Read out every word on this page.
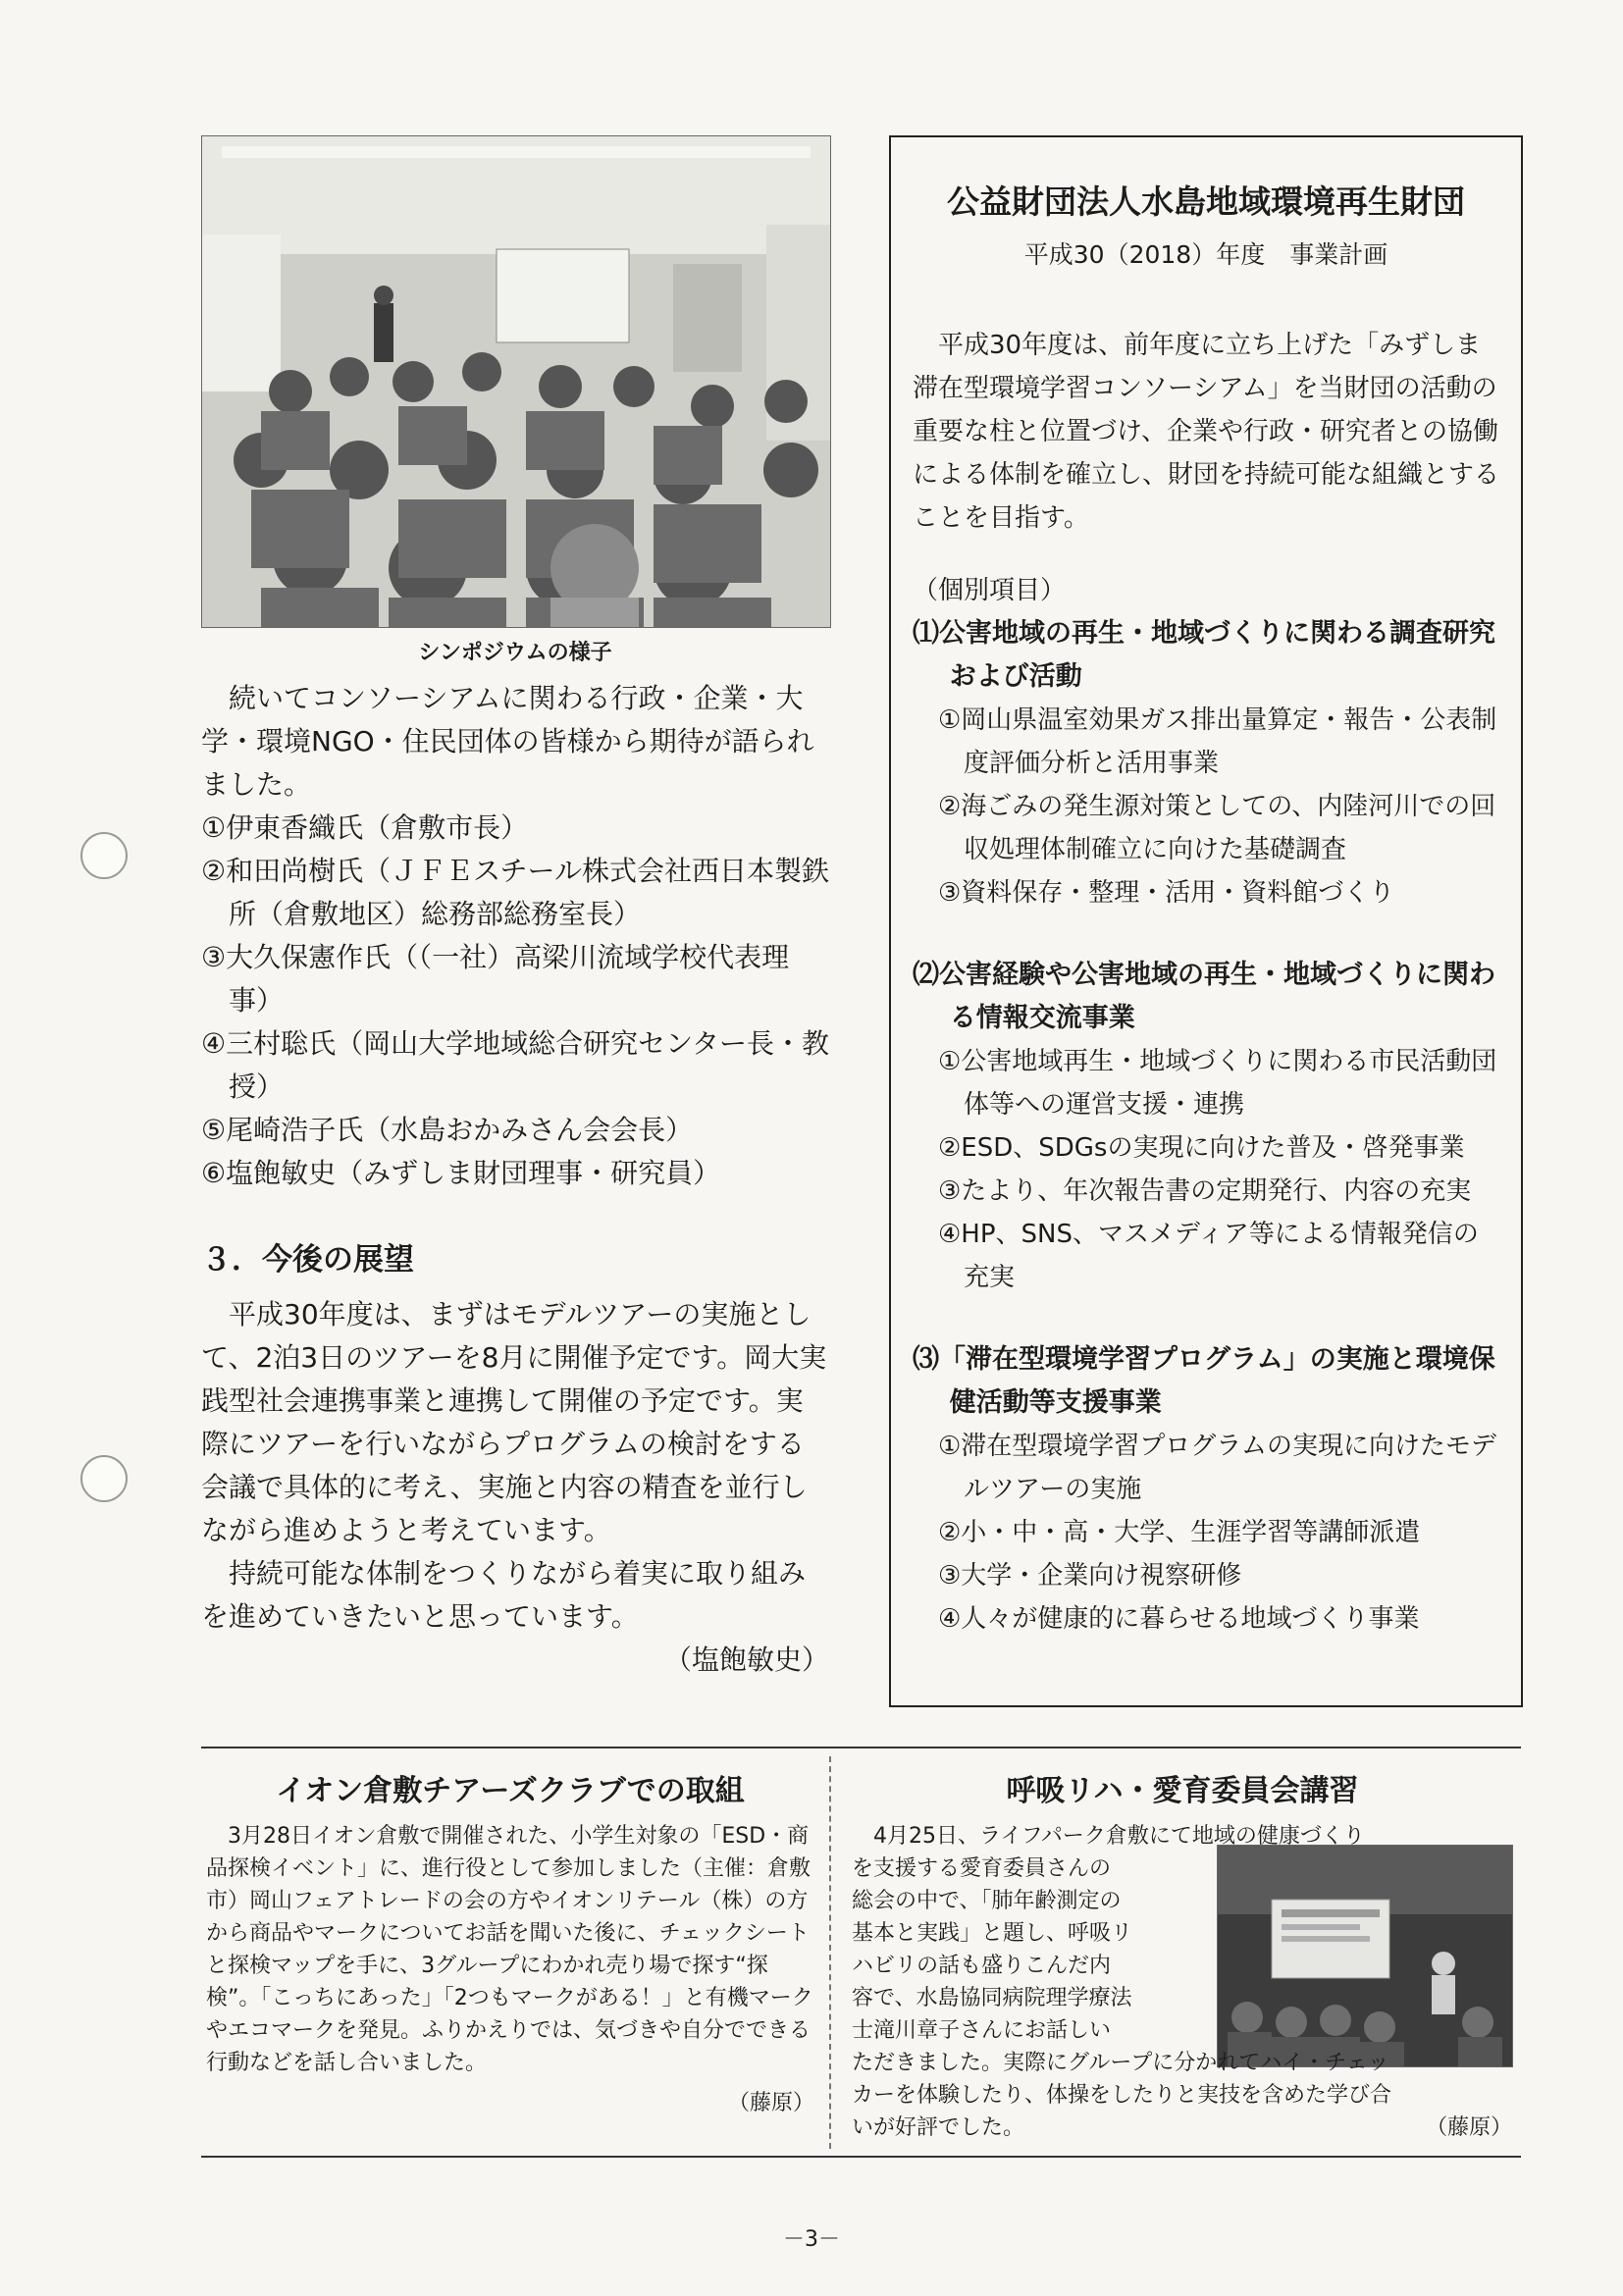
シンポジウムの様子

続いてコンソーシアムに関わる行政・企業・大学・環境NGO・住民団体の皆様から期待が語られました。

①伊東香織氏（倉敷市長）

②和田尚樹氏（ＪＦＥスチール株式会社西日本製鉄所（倉敷地区）総務部総務室長）

③大久保憲作氏（（一社）高梁川流域学校代表理事）

④三村聡氏（岡山大学地域総合研究センター長・教授）

⑤尾崎浩子氏（水島おかみさん会会長）

⑥塩飽敏史（みずしま財団理事・研究員）

３．今後の展望

平成30年度は、まずはモデルツアーの実施として、2泊3日のツアーを8月に開催予定です。岡大実践型社会連携事業と連携して開催の予定です。実際にツアーを行いながらプログラムの検討をする会議で具体的に考え、実施と内容の精査を並行しながら進めようと考えています。

持続可能な体制をつくりながら着実に取り組みを進めていきたいと思っています。

（塩飽敏史）

公益財団法人水島地域環境再生財団
平成30（2018）年度　事業計画

平成30年度は、前年度に立ち上げた「みずしま滞在型環境学習コンソーシアム」を当財団の活動の重要な柱と位置づけ、企業や行政・研究者との協働による体制を確立し、財団を持続可能な組織とすることを目指す。

（個別項目）

⑴公害地域の再生・地域づくりに関わる調査研究および活動

①岡山県温室効果ガス排出量算定・報告・公表制度評価分析と活用事業

②海ごみの発生源対策としての、内陸河川での回収処理体制確立に向けた基礎調査

③資料保存・整理・活用・資料館づくり

⑵公害経験や公害地域の再生・地域づくりに関わる情報交流事業

①公害地域再生・地域づくりに関わる市民活動団体等への運営支援・連携

②ESD、SDGsの実現に向けた普及・啓発事業

③たより、年次報告書の定期発行、内容の充実

④HP、SNS、マスメディア等による情報発信の充実

⑶「滞在型環境学習プログラム」の実施と環境保健活動等支援事業

①滞在型環境学習プログラムの実現に向けたモデルツアーの実施

②小・中・高・大学、生涯学習等講師派遣

③大学・企業向け視察研修

④人々が健康的に暮らせる地域づくり事業

イオン倉敷チアーズクラブでの取組

3月28日イオン倉敷で開催された、小学生対象の「ESD・商品探検イベント」に、進行役として参加しました（主催：倉敷市）岡山フェアトレードの会の方やイオンリテール（株）の方から商品やマークについてお話を聞いた後に、チェックシートと探検マップを手に、3グループにわかれ売り場で探す“探検”。「こっちにあった」「2つもマークがある！」と有機マークやエコマークを発見。ふりかえりでは、気づきや自分でできる行動などを話し合いました。

（藤原）

呼吸リハ・愛育委員会講習

4月25日、ライフパーク倉敷にて地域の健康づくり

を支援する愛育委員さんの

総会の中で、「肺年齢測定の

基本と実践」と題し、呼吸リ

ハビリの話も盛りこんだ内

容で、水島協同病院理学療法

士滝川章子さんにお話しい

ただきました。実際にグループに分かれてハイ・チェッ

カーを体験したり、体操をしたりと実技を含めた学び合

いが好評でした。	（藤原）

－3－
